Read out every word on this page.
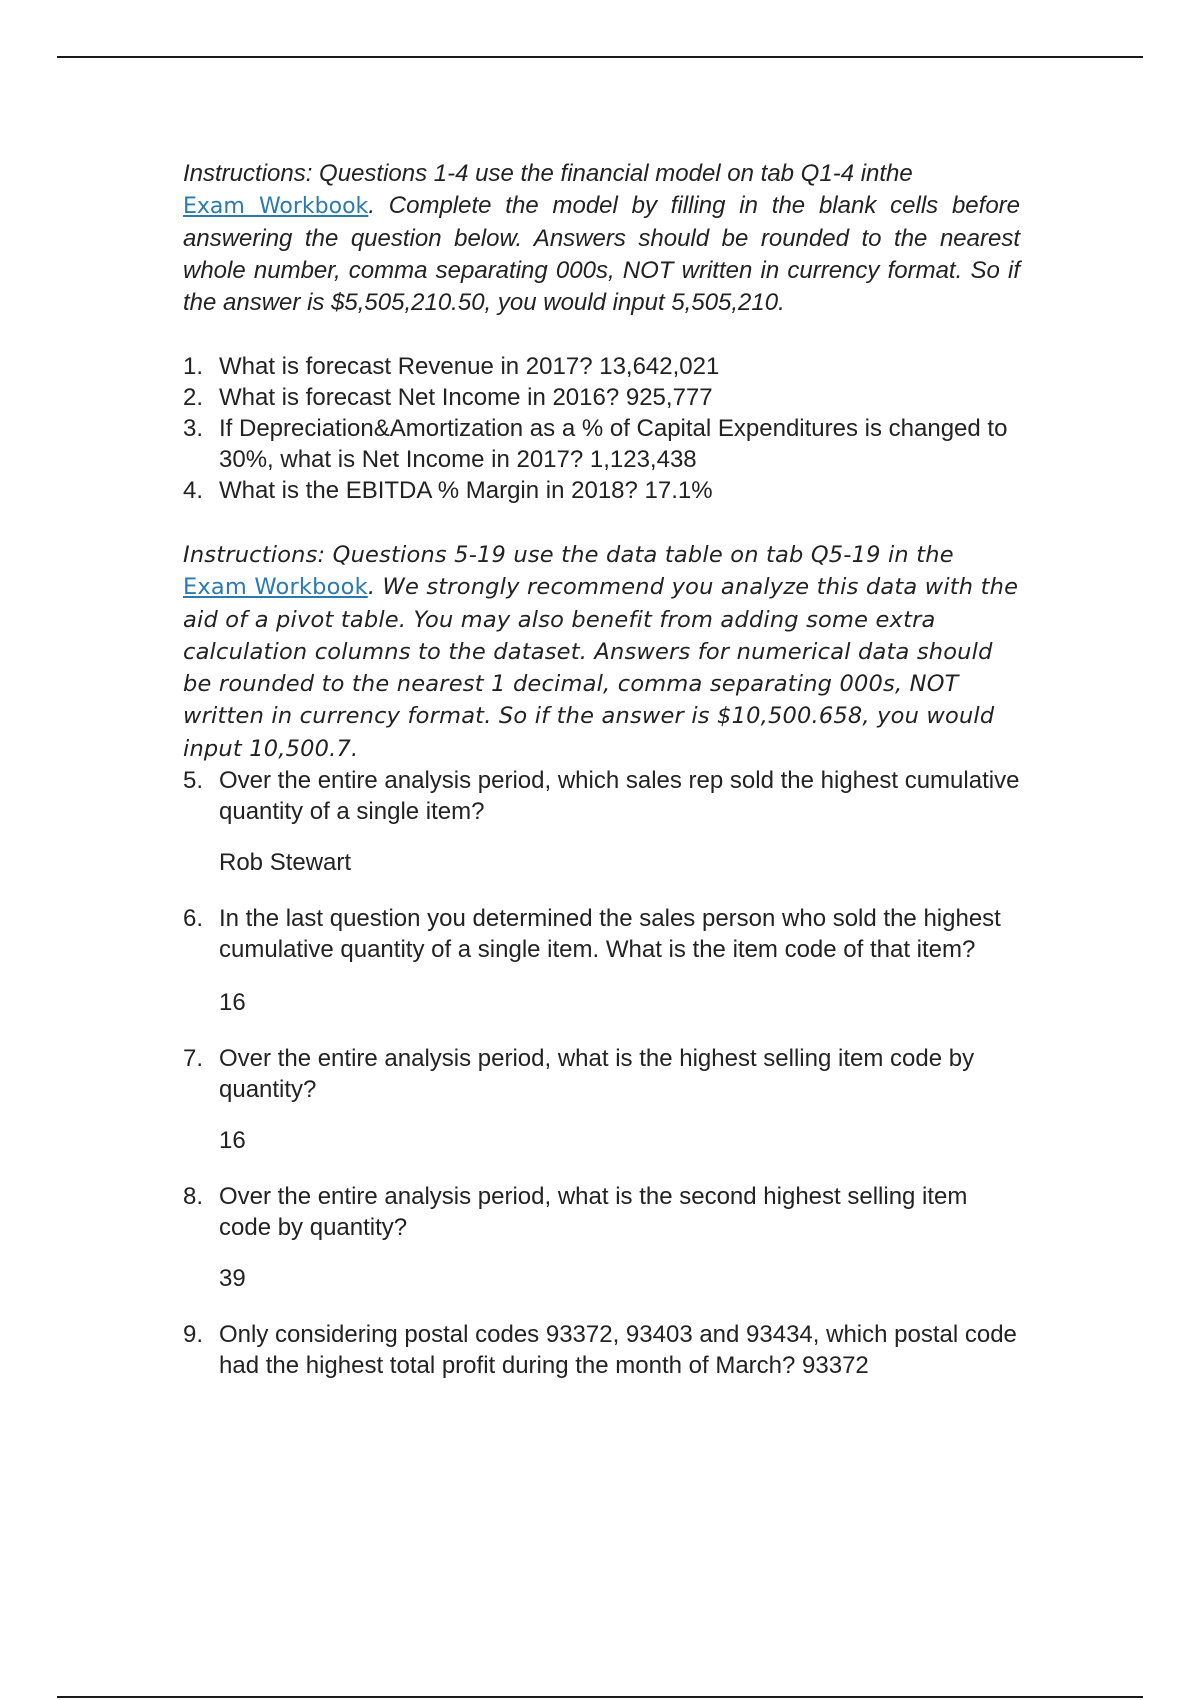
Instructions: Questions 1-4 use the financial model on tab Q1-4 inthe
Exam Workbook. Complete the model by filling in the blank cells before answering the question below. Answers should be rounded to the nearest whole number, comma separating 000s, NOT written in currency format. So if the answer is $5,505,210.50, you would input 5,505,210.

1. What is forecast Revenue in 2017? 13,642,021
2. What is forecast Net Income in 2016? 925,777
3. If Depreciation&Amortization as a % of Capital Expenditures is changed to 30%, what is Net Income in 2017? 1,123,438
4. What is the EBITDA % Margin in 2018? 17.1%

Instructions: Questions 5-19 use the data table on tab Q5-19 in the Exam Workbook. We strongly recommend you analyze this data with the aid of a pivot table. You may also benefit from adding some extra calculation columns to the dataset. Answers for numerical data should be rounded to the nearest 1 decimal, comma separating 000s, NOT written in currency format. So if the answer is $10,500.658, you would input 10,500.7.

5. Over the entire analysis period, which sales rep sold the highest cumulative quantity of a single item?
Rob Stewart
6. In the last question you determined the sales person who sold the highest cumulative quantity of a single item. What is the item code of that item?
16
7. Over the entire analysis period, what is the highest selling item code by quantity?
16
8. Over the entire analysis period, what is the second highest selling item code by quantity?
39
9. Only considering postal codes 93372, 93403 and 93434, which postal code had the highest total profit during the month of March? 93372
